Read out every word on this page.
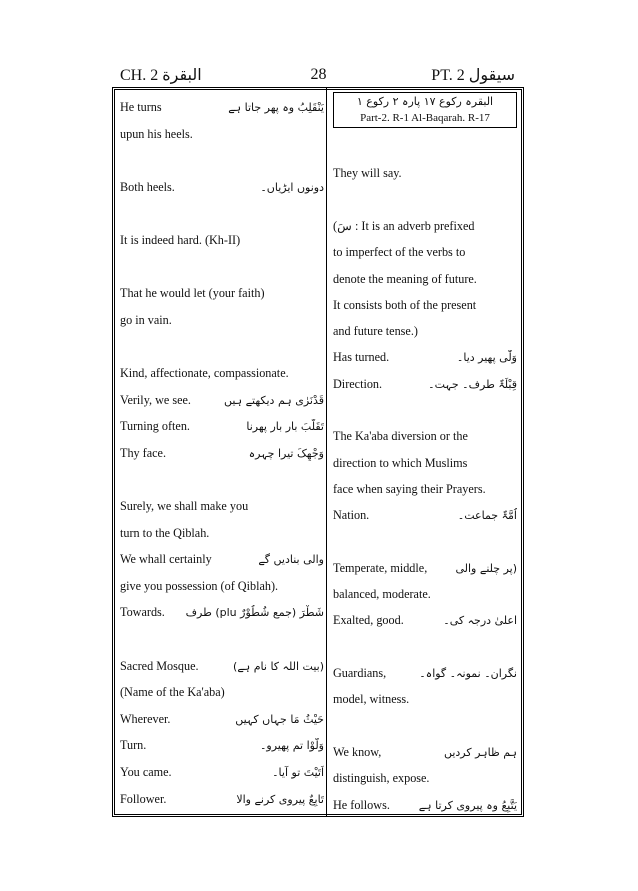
CH. 2 البقرة	28	PT. 2 سیقول
He turns	یَنْقَلِبُ وہ پھر جاتا ہے
upun his heels.
Both heels.	دونوں ایڑیاں۔
It is indeed hard. (Kh-II)
That he would let (your faith)
go in vain.
Kind, affectionate, compassionate.
Verily, we see.	قَدْنَرٰی ہم دیکھتے ہیں
Turning often.	تَقَلُّبَ بار بار پھرنا
Thy face.	وَجْھِکَ تیرا چہرہ
Surely, we shall make you
turn to the Qiblah.
We whall certainly	والی بنادیں گے
give you possession (of Qiblah).
Towards. شَطْرَ (جمع شُطُوْرٌ plu) طرف
Sacred Mosque.	(بیت اللہ کا نام ہے)
(Name of the Ka'aba)
Wherever.	حَیْثُ مَا جہاں کہیں
Turn.	وَلُّوْا تم پھیرو۔
You came.	اَتَیْتَ تو آیا۔
Follower.	تَابِعٌ پیروی کرنے والا
البقرہ رکوع ۱۷ پارہ ۲ رکوع ۱
Part-2. R-1 Al-Baqarah. R-17
They will say.
(سَ : It is an adverb prefixed
to imperfect of the verbs to
denote the meaning of future.
It consists both of the present
and future tense.)
Has turned.	وَلّٰی پھیر دیا۔
Direction.	قِبْلَۃٌ طرف۔ جہت۔
The Ka'aba diversion or the
direction to which Muslims
face when saying their Prayers.
Nation.	اُمَّۃٌ جماعت۔
Temperate, middle,	(پر چلنے والی
balanced, moderate.
Exalted, good.	اعلیٰ درجہ کی۔
Guardians,	نگران۔ نمونہ۔ گواہ۔
model, witness.
We know,	ہم ظاہر کردیں
distinguish, expose.
He follows.	یَتَّبِعُ وہ پیروی کرتا ہے
